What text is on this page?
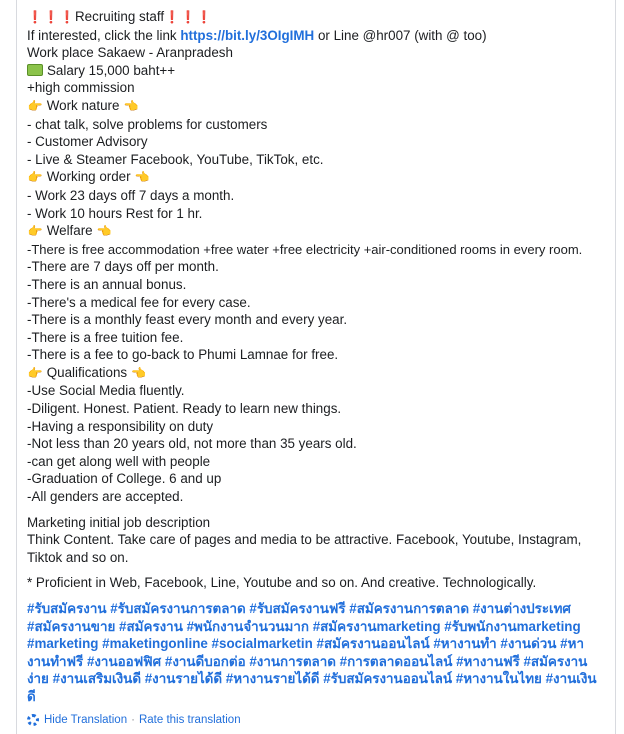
❗❗❗Recruiting staff❗❗❗
If interested, click the link https://bit.ly/3OIgIMH or Line @hr007 (with @ too)
Work place Sakaew - Aranpradesh
Salary 15,000 baht++
+high commission
👉 Work nature 👈
- chat talk, solve problems for customers
- Customer Advisory
- Live & Steamer Facebook, YouTube, TikTok, etc.
👉 Working order 👈
- Work 23 days off 7 days a month.
- Work 10 hours Rest for 1 hr.
👉 Welfare 👈
-There is free accommodation +free water +free electricity +air-conditioned rooms in every room.
-There are 7 days off per month.
-There is an annual bonus.
-There's a medical fee for every case.
-There is a monthly feast every month and every year.
-There is a free tuition fee.
-There is a fee to go-back to Phumi Lamnae for free.
👉 Qualifications 👈
-Use Social Media fluently.
-Diligent. Honest. Patient. Ready to learn new things.
-Having a responsibility on duty
-Not less than 20 years old, not more than 35 years old.
-can get along well with people
-Graduation of College. 6 and up
-All genders are accepted.
Marketing initial job description
Think Content. Take care of pages and media to be attractive. Facebook, Youtube, Instagram, Tiktok and so on.
* Proficient in Web, Facebook, Line, Youtube and so on. And creative. Technologically.
#รับสมัครงาน #รับสมัครงานการตลาด #รับสมัครงานฟรี #สมัครงานการตลาด #งานต่างประเทศ #สมัครงานขาย #สมัครงาน #พนักงานจำนวนมาก #สมัครงานmarketing #รับพนักงานmarketing #marketing #maketingonline #socialmarketin #สมัครงานออนไลน์ #หางานทำ #งานด่วน #หางานทำฟรี #งานออฟฟิศ #งานดีบอกต่อ #งานการตลาด #การตลาดออนไลน์ #หางานฟรี #สมัครงานง่าย #งานเสริมเงินดี #งานรายได้ดี #หางานรายได้ดี #รับสมัครงานออนไลน์ #หางานในไทย #งานเงินดี
Hide Translation · Rate this translation
